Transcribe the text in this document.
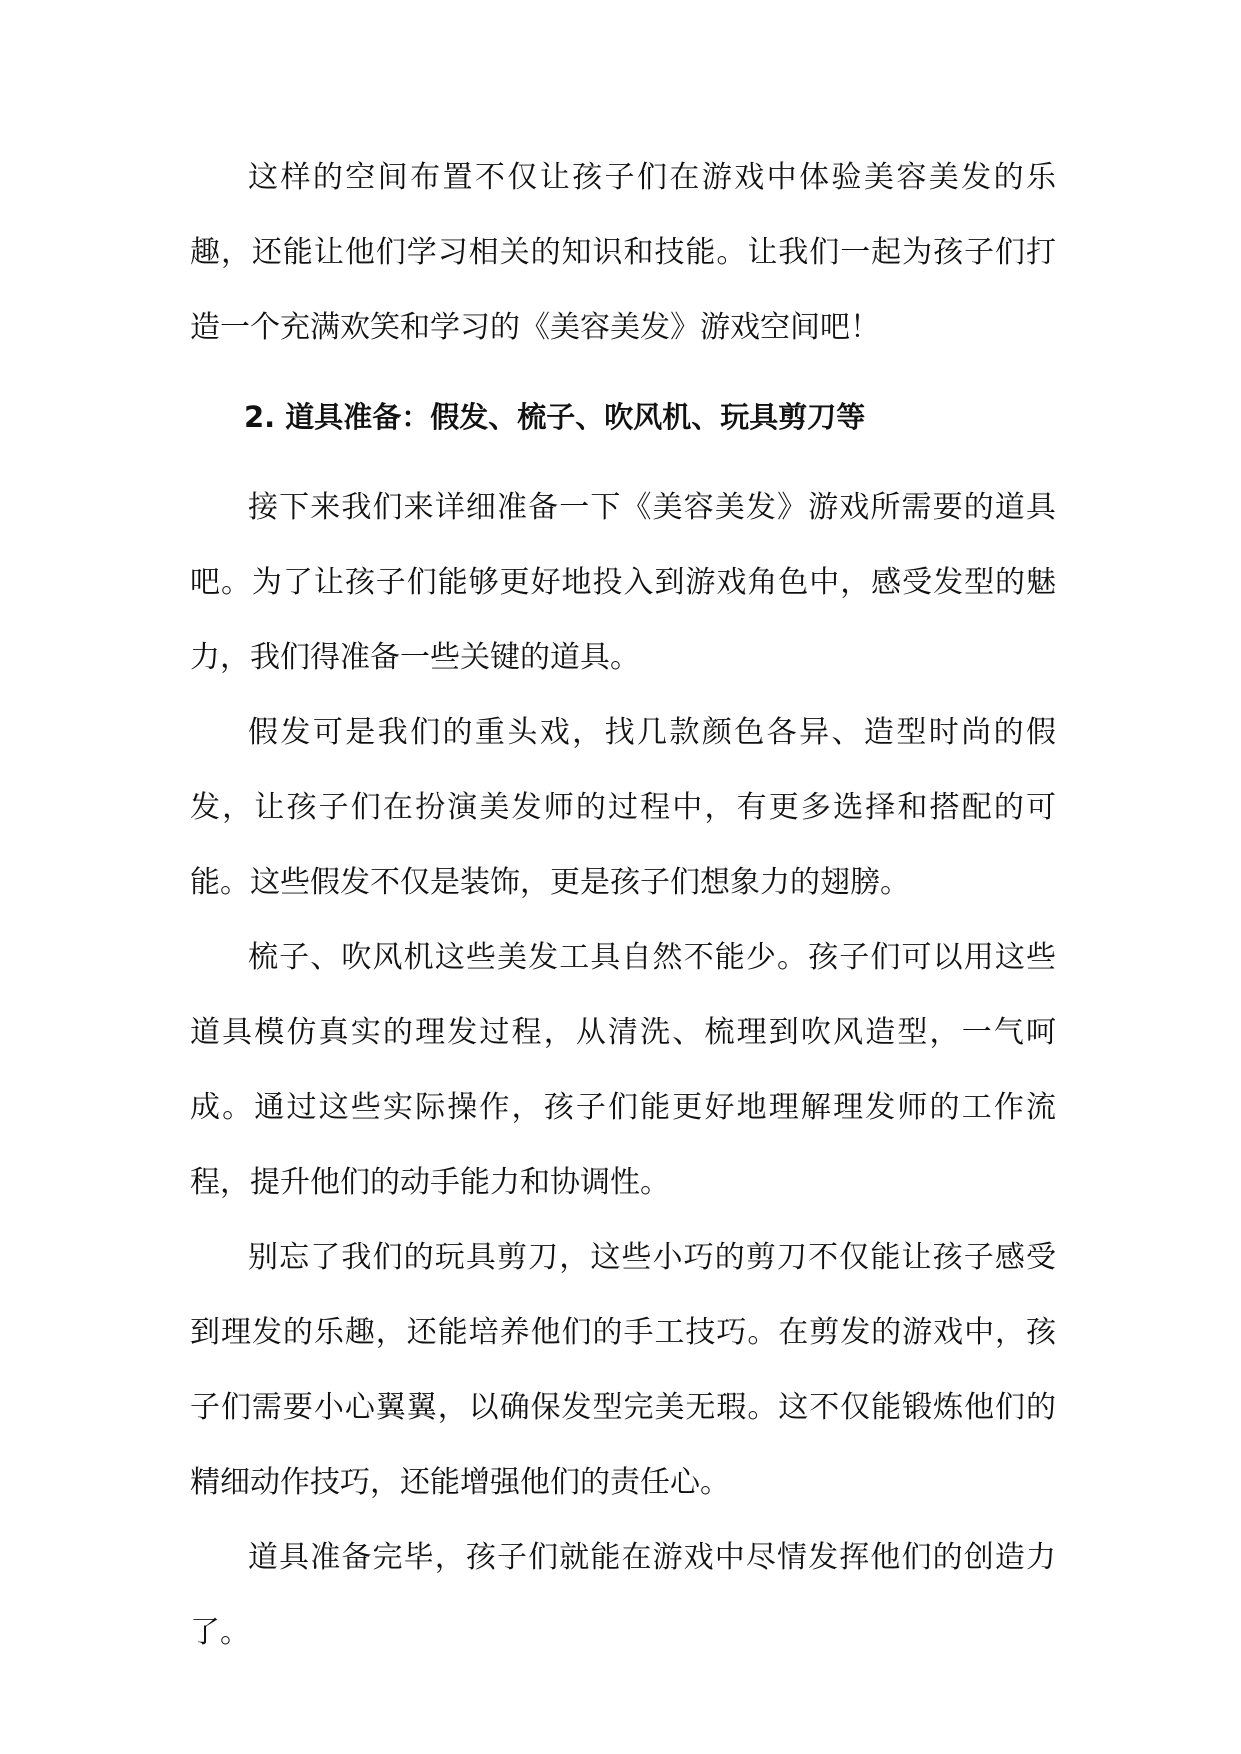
这样的空间布置不仅让孩子们在游戏中体验美容美发的乐趣，还能让他们学习相关的知识和技能。让我们一起为孩子们打造一个充满欢笑和学习的《美容美发》游戏空间吧！

2. 道具准备：假发、梳子、吹风机、玩具剪刀等

接下来我们来详细准备一下《美容美发》游戏所需要的道具吧。为了让孩子们能够更好地投入到游戏角色中，感受发型的魅力，我们得准备一些关键的道具。

假发可是我们的重头戏，找几款颜色各异、造型时尚的假发，让孩子们在扮演美发师的过程中，有更多选择和搭配的可能。这些假发不仅是装饰，更是孩子们想象力的翅膀。

梳子、吹风机这些美发工具自然不能少。孩子们可以用这些道具模仿真实的理发过程，从清洗、梳理到吹风造型，一气呵成。通过这些实际操作，孩子们能更好地理解理发师的工作流程，提升他们的动手能力和协调性。

别忘了我们的玩具剪刀，这些小巧的剪刀不仅能让孩子感受到理发的乐趣，还能培养他们的手工技巧。在剪发的游戏中，孩子们需要小心翼翼，以确保发型完美无瑕。这不仅能锻炼他们的精细动作技巧，还能增强他们的责任心。

道具准备完毕，孩子们就能在游戏中尽情发挥他们的创造力了。
